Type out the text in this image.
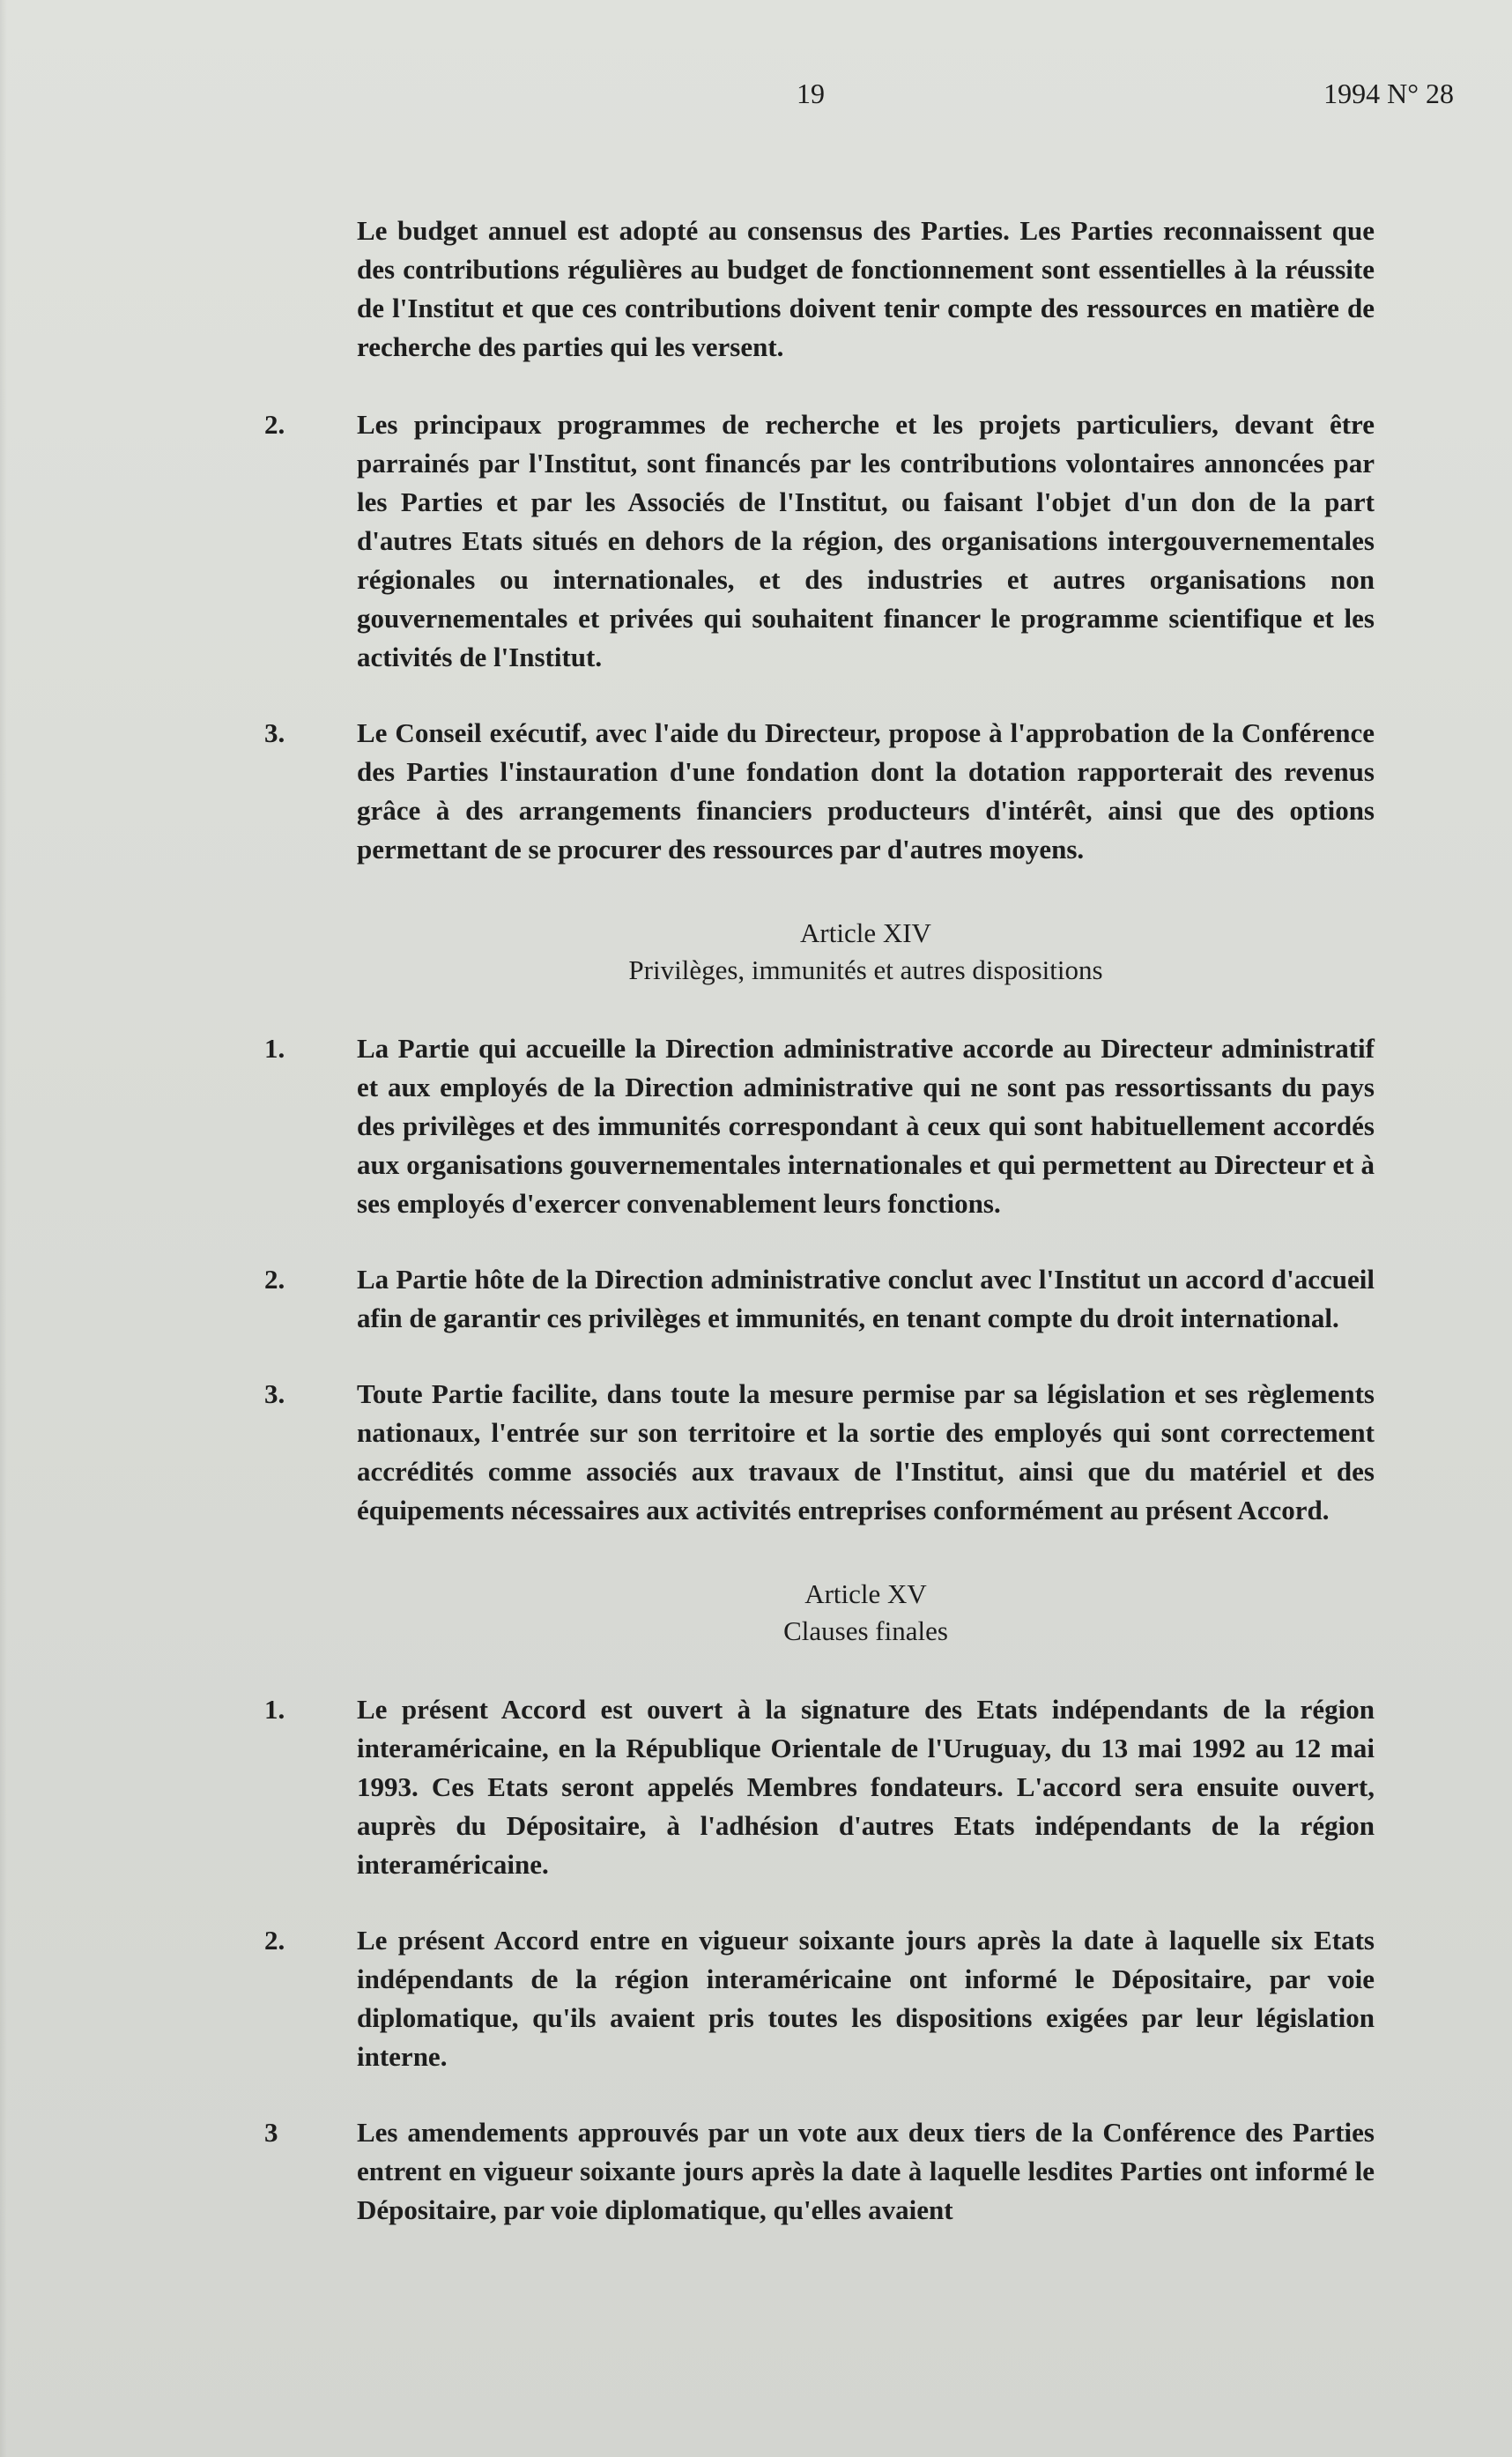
19	1994 N° 28
Le budget annuel est adopté au consensus des Parties. Les Parties reconnaissent que des contributions régulières au budget de fonctionnement sont essentielles à la réussite de l'Institut et que ces contributions doivent tenir compte des ressources en matière de recherche des parties qui les versent.
2.	Les principaux programmes de recherche et les projets particuliers, devant être parrainés par l'Institut, sont financés par les contributions volontaires annoncées par les Parties et par les Associés de l'Institut, ou faisant l'objet d'un don de la part d'autres Etats situés en dehors de la région, des organisations intergouvernementales régionales ou internationales, et des industries et autres organisations non gouvernementales et privées qui souhaitent financer le programme scientifique et les activités de l'Institut.
3.	Le Conseil exécutif, avec l'aide du Directeur, propose à l'approbation de la Conférence des Parties l'instauration d'une fondation dont la dotation rapporterait des revenus grâce à des arrangements financiers producteurs d'intérêt, ainsi que des options permettant de se procurer des ressources par d'autres moyens.
Article XIV
Privilèges, immunités et autres dispositions
1.	La Partie qui accueille la Direction administrative accorde au Directeur administratif et aux employés de la Direction administrative qui ne sont pas ressortissants du pays des privilèges et des immunités correspondant à ceux qui sont habituellement accordés aux organisations gouvernementales internationales et qui permettent au Directeur et à ses employés d'exercer convenablement leurs fonctions.
2.	La Partie hôte de la Direction administrative conclut avec l'Institut un accord d'accueil afin de garantir ces privilèges et immunités, en tenant compte du droit international.
3.	Toute Partie facilite, dans toute la mesure permise par sa législation et ses règlements nationaux, l'entrée sur son territoire et la sortie des employés qui sont correctement accrédités comme associés aux travaux de l'Institut, ainsi que du matériel et des équipements nécessaires aux activités entreprises conformément au présent Accord.
Article XV
Clauses finales
1.	Le présent Accord est ouvert à la signature des Etats indépendants de la région interaméricaine, en la République Orientale de l'Uruguay, du 13 mai 1992 au 12 mai 1993. Ces Etats seront appelés Membres fondateurs. L'accord sera ensuite ouvert, auprès du Dépositaire, à l'adhésion d'autres Etats indépendants de la région interaméricaine.
2.	Le présent Accord entre en vigueur soixante jours après la date à laquelle six Etats indépendants de la région interaméricaine ont informé le Dépositaire, par voie diplomatique, qu'ils avaient pris toutes les dispositions exigées par leur législation interne.
3	Les amendements approuvés par un vote aux deux tiers de la Conférence des Parties entrent en vigueur soixante jours après la date à laquelle lesdites Parties ont informé le Dépositaire, par voie diplomatique, qu'elles avaient
